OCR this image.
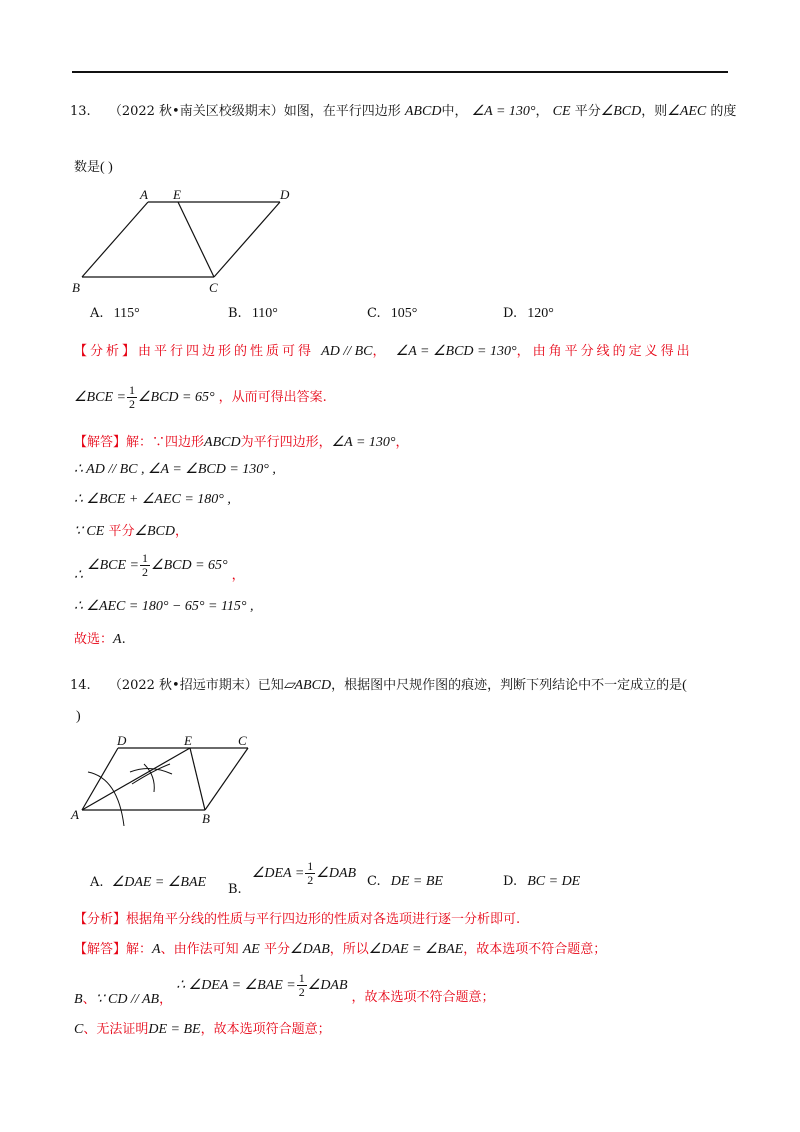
13. （2022 秋•南关区校级期末）如图，在平行四边形 ABCD中， ∠A = 130°， CE 平分∠BCD，则∠AEC 的度
数是( )
A E	D
B	C
A. 115°	B. 110°	C. 105°	D. 120°
【分析】由平行四边形的性质可得 AD // BC， ∠A = ∠BCD = 130°，由角平分线的定义得出
∠BCE = $\frac{1}{2}$ ∠BCD = 65° ，从而可得出答案.
【解答】解：∵四边形ABCD为平行四边形，∠A = 130°，
∴ AD // BC , ∠A = ∠BCD = 130° ,
∴ ∠BCE + ∠AEC = 180° ,
∵ CE 平分∠BCD，
∴ ∠BCE = $\frac{1}{2}$ ∠BCD = 65°，
∴ ∠AEC = 180° − 65° = 115° ,
故选：A.
14. （2022 秋•招远市期末）已知▱ABCD，根据图中尺规作图的痕迹，判断下列结论中不一定成立的是(
)
D	E	C
A	B
A. ∠DAE = ∠BAE B. ∠DEA = $\frac{1}{2}$ ∠DAB
C. DE = BE	D. BC = DE
【分析】根据角平分线的性质与平行四边形的性质对各选项进行逐一分析即可.
【解答】解：A、由作法可知 AE 平分∠DAB，所以∠DAE = ∠BAE，故本选项不符合题意；
B、∵ CD // AB， ∴ ∠DEA = ∠BAE = $\frac{1}{2}$ ∠DAB，故本选项不符合题意；
C、无法证明DE = BE，故本选项符合题意；
